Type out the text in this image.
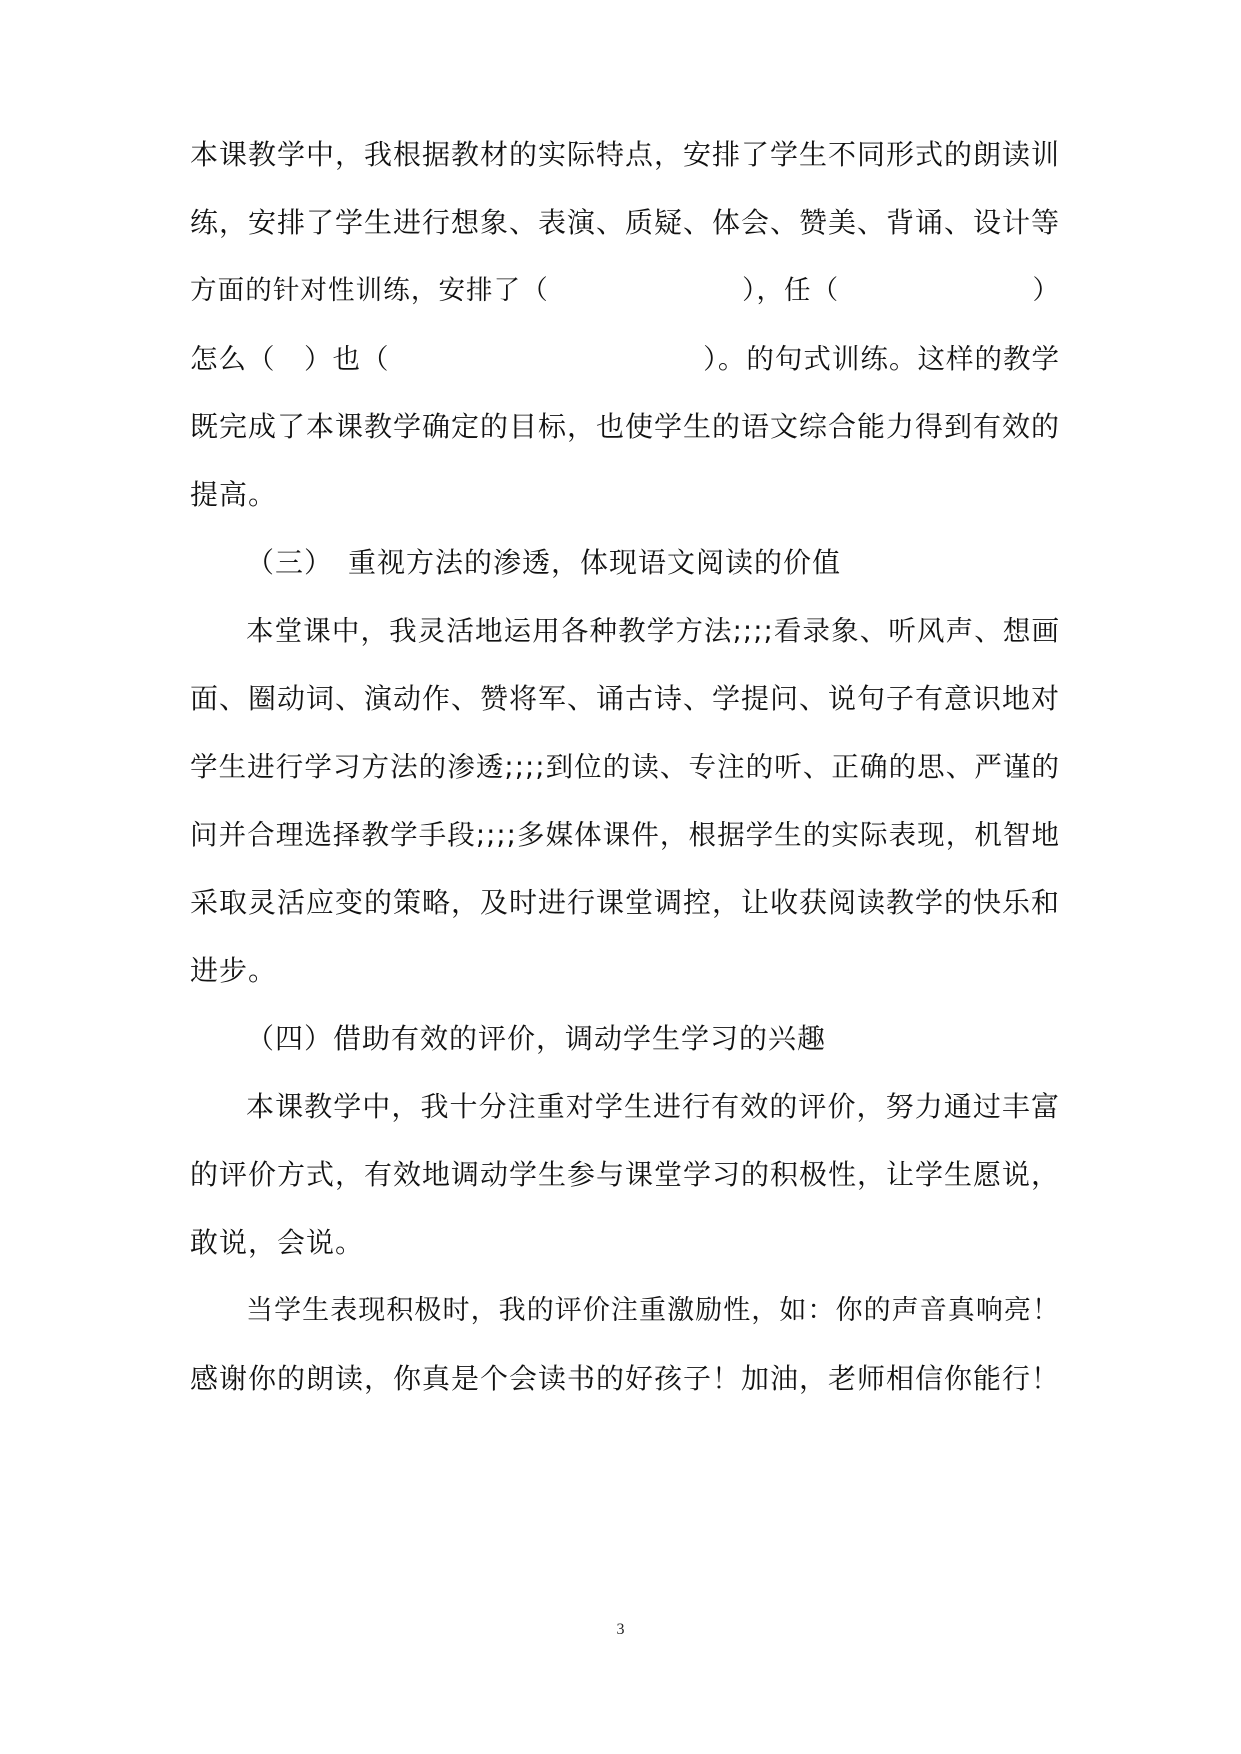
本课教学中，我根据教材的实际特点，安排了学生不同形式的朗读训
练，安排了学生进行想象、表演、质疑、体会、赞美、背诵、设计等
方面的针对性训练，安排了（　　　　　　　），任（　　　　　　　）
怎么（　）也（　　　　　　　　　　　）。的句式训练。这样的教学
既完成了本课教学确定的目标，也使学生的语文综合能力得到有效的
提高。
（三）　重视方法的渗透，体现语文阅读的价值
本堂课中，我灵活地运用各种教学方法;;;;看录象、听风声、想画
面、圈动词、演动作、赞将军、诵古诗、学提问、说句子有意识地对
学生进行学习方法的渗透;;;;到位的读、专注的听、正确的思、严谨的
问并合理选择教学手段;;;;多媒体课件，根据学生的实际表现，机智地
采取灵活应变的策略，及时进行课堂调控，让收获阅读教学的快乐和
进步。
（四）借助有效的评价，调动学生学习的兴趣
本课教学中，我十分注重对学生进行有效的评价，努力通过丰富
的评价方式，有效地调动学生参与课堂学习的积极性，让学生愿说，
敢说，会说。
当学生表现积极时，我的评价注重激励性，如：你的声音真响亮！
感谢你的朗读，你真是个会读书的好孩子！加油，老师相信你能行！
3
